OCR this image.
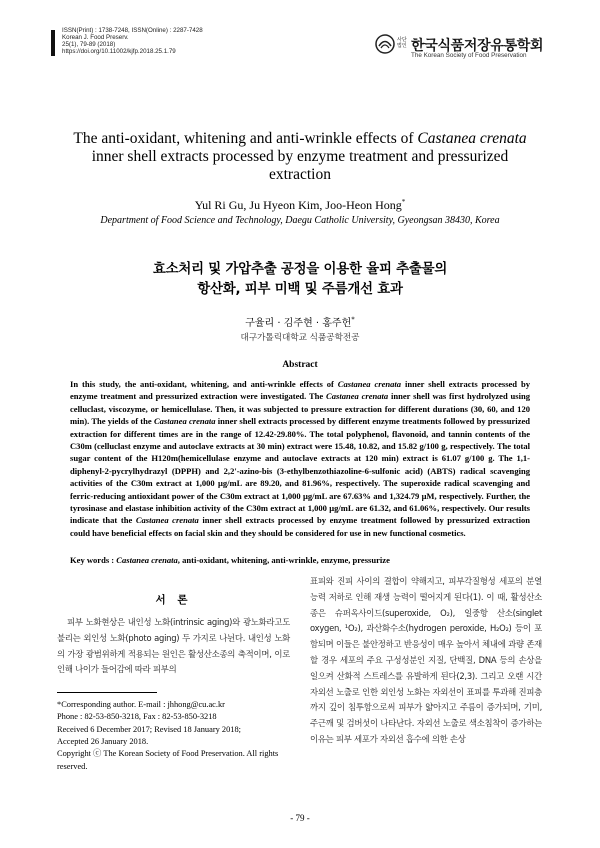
ISSN(Print) : 1738-7248, ISSN(Online) : 2287-7428
Korean J. Food Preserv.
25(1), 79-89 (2018)
https://doi.org/10.11002/kjfp.2018.25.1.79
사단법인 한국식품저장유통학회
The Korean Society of Food Preservation
The anti-oxidant, whitening and anti-wrinkle effects of Castanea crenata inner shell extracts processed by enzyme treatment and pressurized extraction
Yul Ri Gu, Ju Hyeon Kim, Joo-Heon Hong*
Department of Food Science and Technology, Daegu Catholic University, Gyeongsan 38430, Korea
효소처리 및 가압추출 공정을 이용한 율피 추출물의
항산화, 피부 미백 및 주름개선 효과
구율리 · 김주현 · 홍주헌*
대구가톨릭대학교 식품공학전공
Abstract
In this study, the anti-oxidant, whitening, and anti-wrinkle effects of Castanea crenata inner shell extracts processed by enzyme treatment and pressurized extraction were investigated. The Castanea crenata inner shell was first hydrolyzed using celluclast, viscozyme, or hemicellulase. Then, it was subjected to pressure extraction for different durations (30, 60, and 120 min). The yields of the Castanea crenata inner shell extracts processed by different enzyme treatments followed by pressurized extraction for different times are in the range of 12.42-29.80%. The total polyphenol, flavonoid, and tannin contents of the C30m (celluclast enzyme and autoclave extracts at 30 min) extract were 15.48, 10.82, and 15.82 g/100 g, respectively. The total sugar content of the H120m(hemicellulase enzyme and autoclave extracts at 120 min) extract is 61.07 g/100 g. The 1,1-diphenyl-2-pycrylhydrazyl (DPPH) and 2,2'-azino-bis (3-ethylbenzothiazoline-6-sulfonic acid) (ABTS) radical scavenging activities of the C30m extract at 1,000 μg/mL are 89.20, and 81.96%, respectively. The superoxide radical scavenging and ferric-reducing antioxidant power of the C30m extract at 1,000 μg/mL are 67.63% and 1,324.79 μM, respectively. Further, the tyrosinase and elastase inhibition activity of the C30m extract at 1,000 μg/mL are 61.32, and 61.06%, respectively. Our results indicate that the Castanea crenata inner shell extracts processed by enzyme treatment followed by pressurized extraction could have beneficial effects on facial skin and they should be considered for use in new functional cosmetics.
Key words : Castanea crenata, anti-oxidant, whitening, anti-wrinkle, enzyme, pressurize
서 론
피부 노화현상은 내인성 노화(intrinsic aging)와 광노화라고도 불리는 외인성 노화(photo aging) 두 가지로 나뉜다. 내인성 노화의 가장 광범위하게 적용되는 원인은 활성산소종의 축적이며, 이로 인해 나이가 들어감에 따라 피부의
*Corresponding author. E-mail : jhhong@cu.ac.kr
Phone : 82-53-850-3218, Fax : 82-53-850-3218
Received 6 December 2017; Revised 18 January 2018;
Accepted 26 January 2018.
Copyright ⓒ The Korean Society of Food Preservation. All rights reserved.
표피와 진피 사이의 결합이 약해지고, 피부각질형성 세포의 분열 능력 저하로 인해 재생 능력이 떨어지게 된다(1). 이 때, 활성산소종은 슈퍼옥사이드(superoxide, O₂), 일중항 산소(singlet oxygen, ¹O₂), 과산화수소(hydrogen peroxide, H₂O₂) 등이 포함되며 이들은 불안정하고 반응성이 매우 높아서 체내에 과량 존재할 경우 세포의 주요 구성성분인 지질, 단백질, DNA 등의 손상을 일으켜 산화적 스트레스를 유발하게 된다(2,3). 그리고 오랜 시간 자외선 노출로 인한 외인성 노화는 자외선이 표피를 투과해 진피층까지 깊이 침투함으로써 피부가 얇아지고 주름이 증가되며, 기미, 주근깨 및 검버섯이 나타난다. 자외선 노출로 색소침착이 증가하는 이유는 피부 세포가 자외선 흡수에 의한 손상
- 79 -
